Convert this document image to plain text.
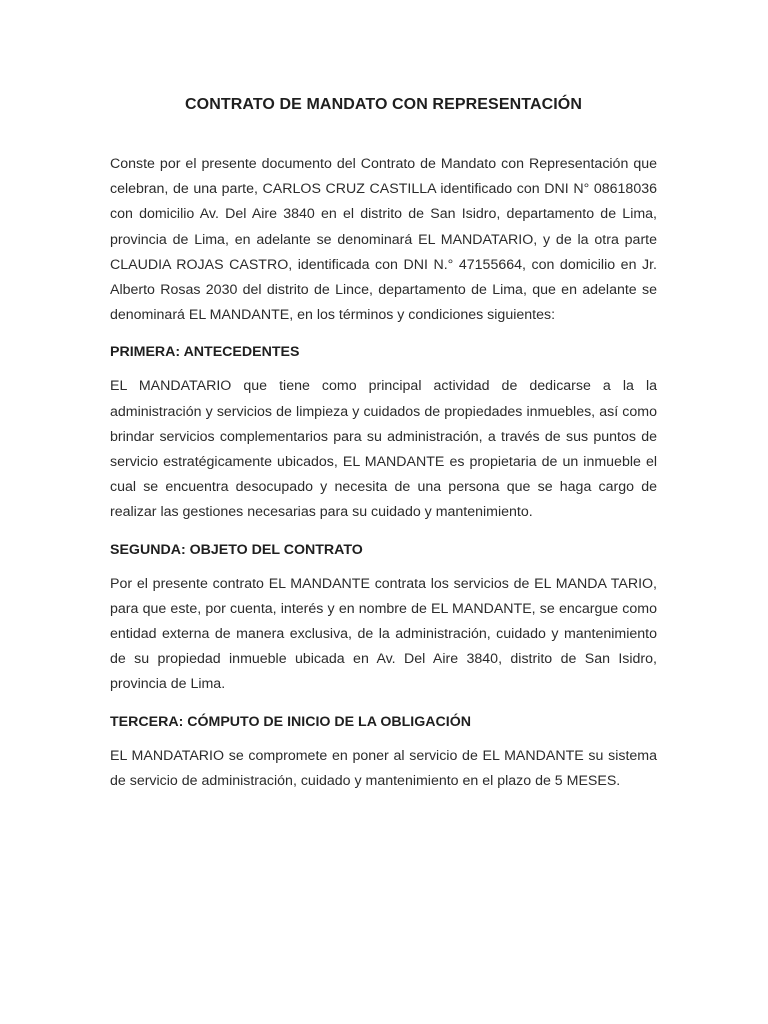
CONTRATO DE MANDATO CON REPRESENTACIÓN

Conste por el presente documento del Contrato de Mandato con Representación que celebran, de una parte, CARLOS CRUZ CASTILLA identificado con DNI N° 08618036 con domicilio Av. Del Aire 3840 en el distrito de San Isidro, departamento de Lima, provincia de Lima, en adelante se denominará EL MANDATARIO, y de la otra parte CLAUDIA ROJAS CASTRO, identificada con DNI N.° 47155664, con domicilio en Jr. Alberto Rosas 2030 del distrito de Lince, departamento de Lima, que en adelante se denominará EL MANDANTE, en los términos y condiciones siguientes:

PRIMERA: ANTECEDENTES

EL MANDATARIO que tiene como principal actividad de dedicarse a la la administración y servicios de limpieza y cuidados de propiedades inmuebles, así como brindar servicios complementarios para su administración, a través de sus puntos de servicio estratégicamente ubicados, EL MANDANTE es propietaria de un inmueble el cual se encuentra desocupado y necesita de una persona que se haga cargo de realizar las gestiones necesarias para su cuidado y mantenimiento.

SEGUNDA: OBJETO DEL CONTRATO

Por el presente contrato EL MANDANTE contrata los servicios de EL MANDA TARIO, para que este, por cuenta, interés y en nombre de EL MANDANTE, se encargue como entidad externa de manera exclusiva, de la administración, cuidado y mantenimiento de su propiedad inmueble ubicada en Av. Del Aire 3840, distrito de San Isidro, provincia de Lima.

TERCERA: CÓMPUTO DE INICIO DE LA OBLIGACIÓN

EL MANDATARIO se compromete en poner al servicio de EL MANDANTE su sistema de servicio de administración, cuidado y mantenimiento en el plazo de 5 MESES.
